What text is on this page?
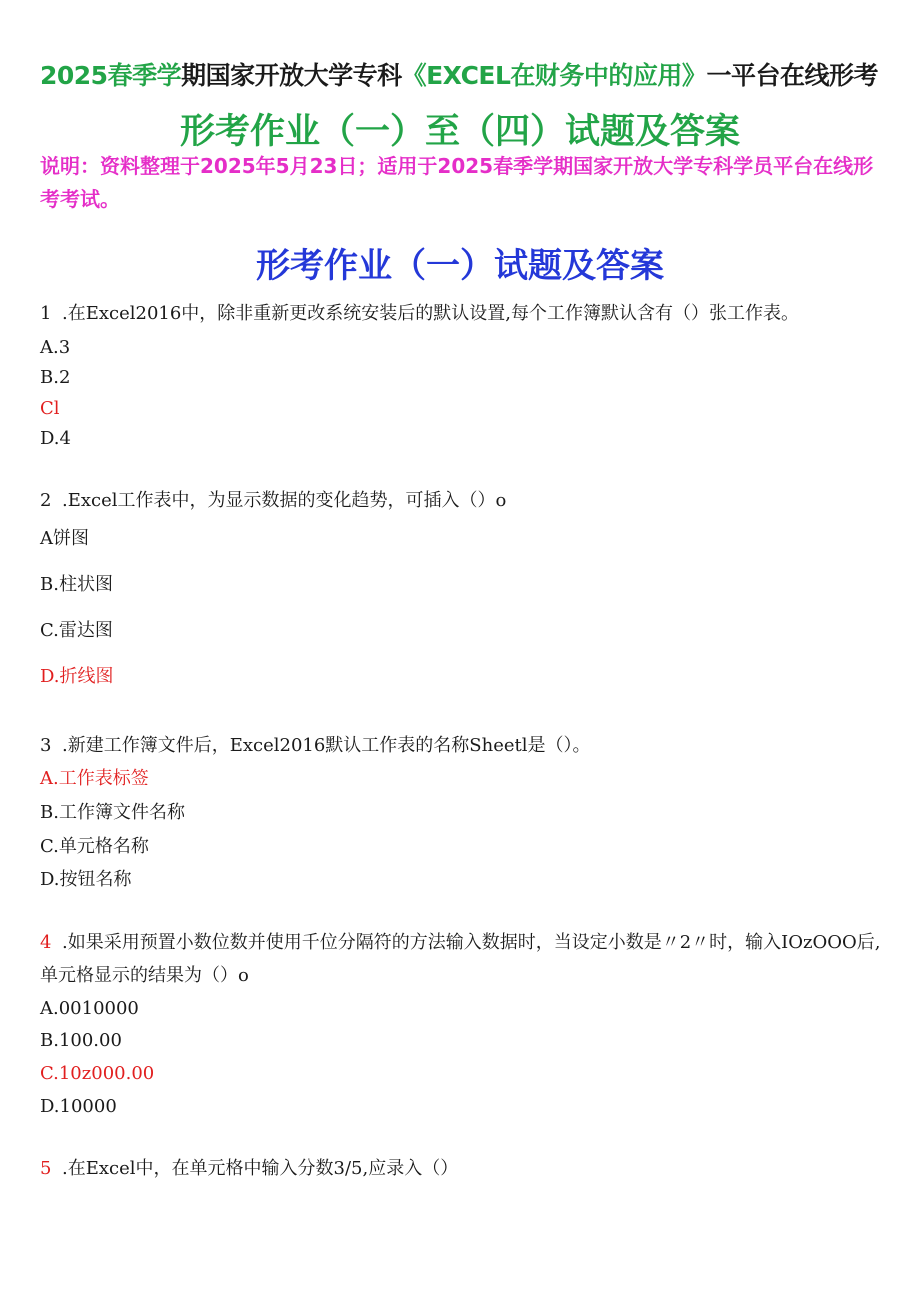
2025春季学期国家开放大学专科《EXCEL在财务中的应用》一平台在线形考
形考作业（一）至（四）试题及答案
说明：资料整理于2025年5月23日；适用于2025春季学期国家开放大学专科学员平台在线形考考试。
形考作业（一）试题及答案
1 .在Excel2016中，除非重新更改系统安装后的默认设置,每个工作簿默认含有（）张工作表。
A.3
B.2
Cl
D.4
2 .Excel工作表中，为显示数据的变化趋势，可插入（）o
A饼图
B.柱状图
C.雷达图
D.折线图
3 .新建工作簿文件后，Excel2016默认工作表的名称Sheetl是（）。
A.工作表标签
B.工作簿文件名称
C.单元格名称
D.按钮名称
4 .如果采用预置小数位数并使用千位分隔符的方法输入数据时，当设定小数是〃2〃时，输入IOzOOO后,单元格显示的结果为（）o
A.0010000
B.100.00
C.10z000.00
D.10000
5 .在Excel中，在单元格中输入分数3/5,应录入（）
